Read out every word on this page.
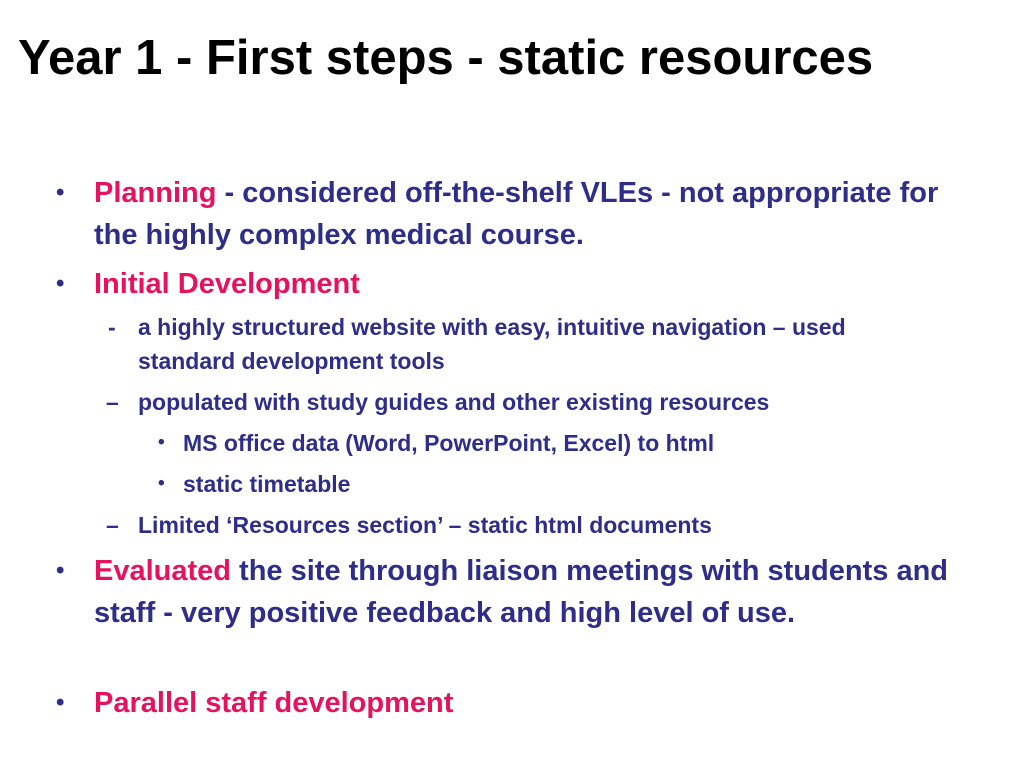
Year 1 - First steps - static resources
• Planning - considered off-the-shelf VLEs - not appropriate for the highly complex medical course.
• Initial Development
- a highly structured website with easy, intuitive navigation – used standard development tools
– populated with study guides and other existing resources
• MS office data (Word, PowerPoint, Excel) to html
• static timetable
– Limited ‘Resources section’ – static html documents
• Evaluated the site through liaison meetings with students and staff - very positive feedback and high level of use.
• Parallel staff development
